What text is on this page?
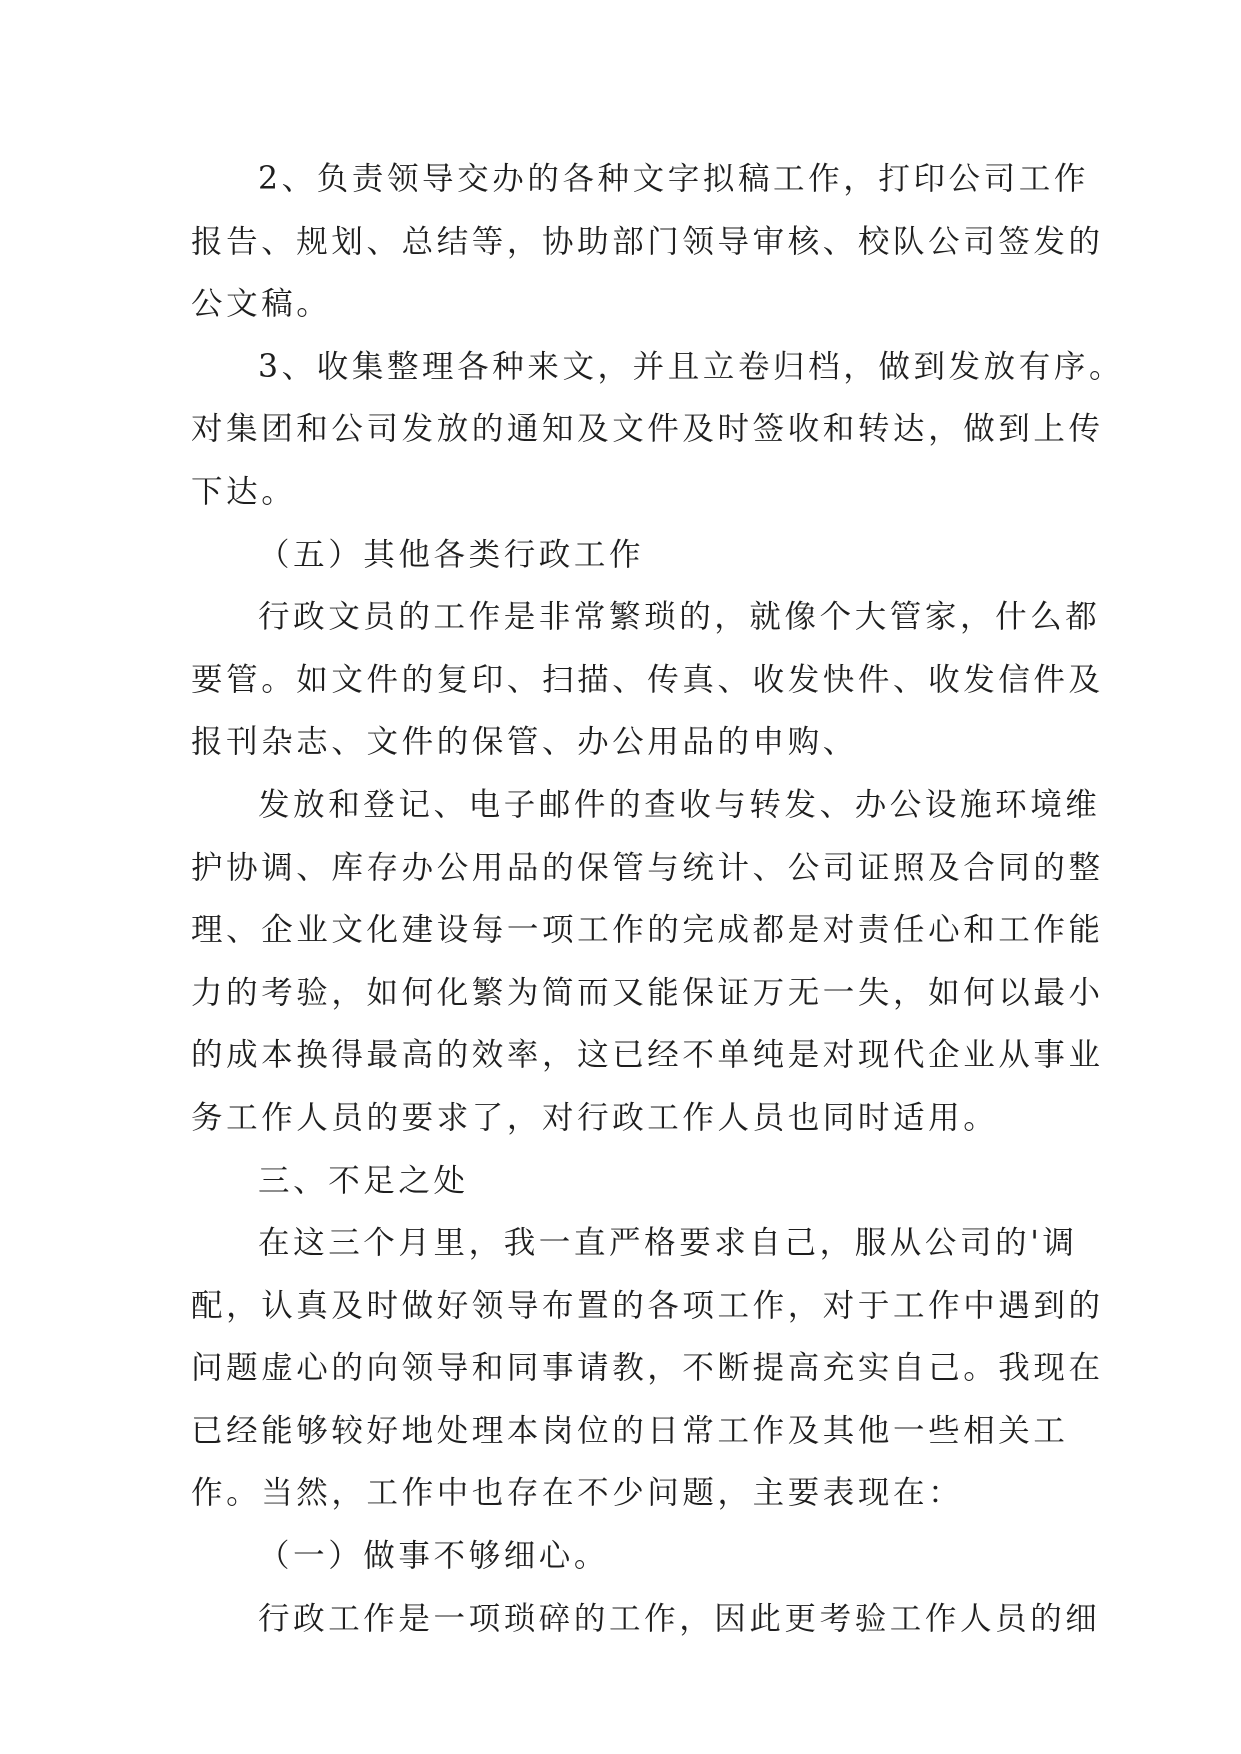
2、负责领导交办的各种文字拟稿工作，打印公司工作
报告、规划、总结等，协助部门领导审核、校队公司签发的
公文稿。
3、收集整理各种来文，并且立卷归档，做到发放有序。
对集团和公司发放的通知及文件及时签收和转达，做到上传
下达。
（五）其他各类行政工作
行政文员的工作是非常繁琐的，就像个大管家，什么都
要管。如文件的复印、扫描、传真、收发快件、收发信件及
报刊杂志、文件的保管、办公用品的申购、
发放和登记、电子邮件的查收与转发、办公设施环境维
护协调、库存办公用品的保管与统计、公司证照及合同的整
理、企业文化建设每一项工作的完成都是对责任心和工作能
力的考验，如何化繁为简而又能保证万无一失，如何以最小
的成本换得最高的效率，这已经不单纯是对现代企业从事业
务工作人员的要求了，对行政工作人员也同时适用。
三、不足之处
在这三个月里，我一直严格要求自己，服从公司的'调
配，认真及时做好领导布置的各项工作，对于工作中遇到的
问题虚心的向领导和同事请教，不断提高充实自己。我现在
已经能够较好地处理本岗位的日常工作及其他一些相关工
作。当然，工作中也存在不少问题，主要表现在：
（一）做事不够细心。
行政工作是一项琐碎的工作，因此更考验工作人员的细
